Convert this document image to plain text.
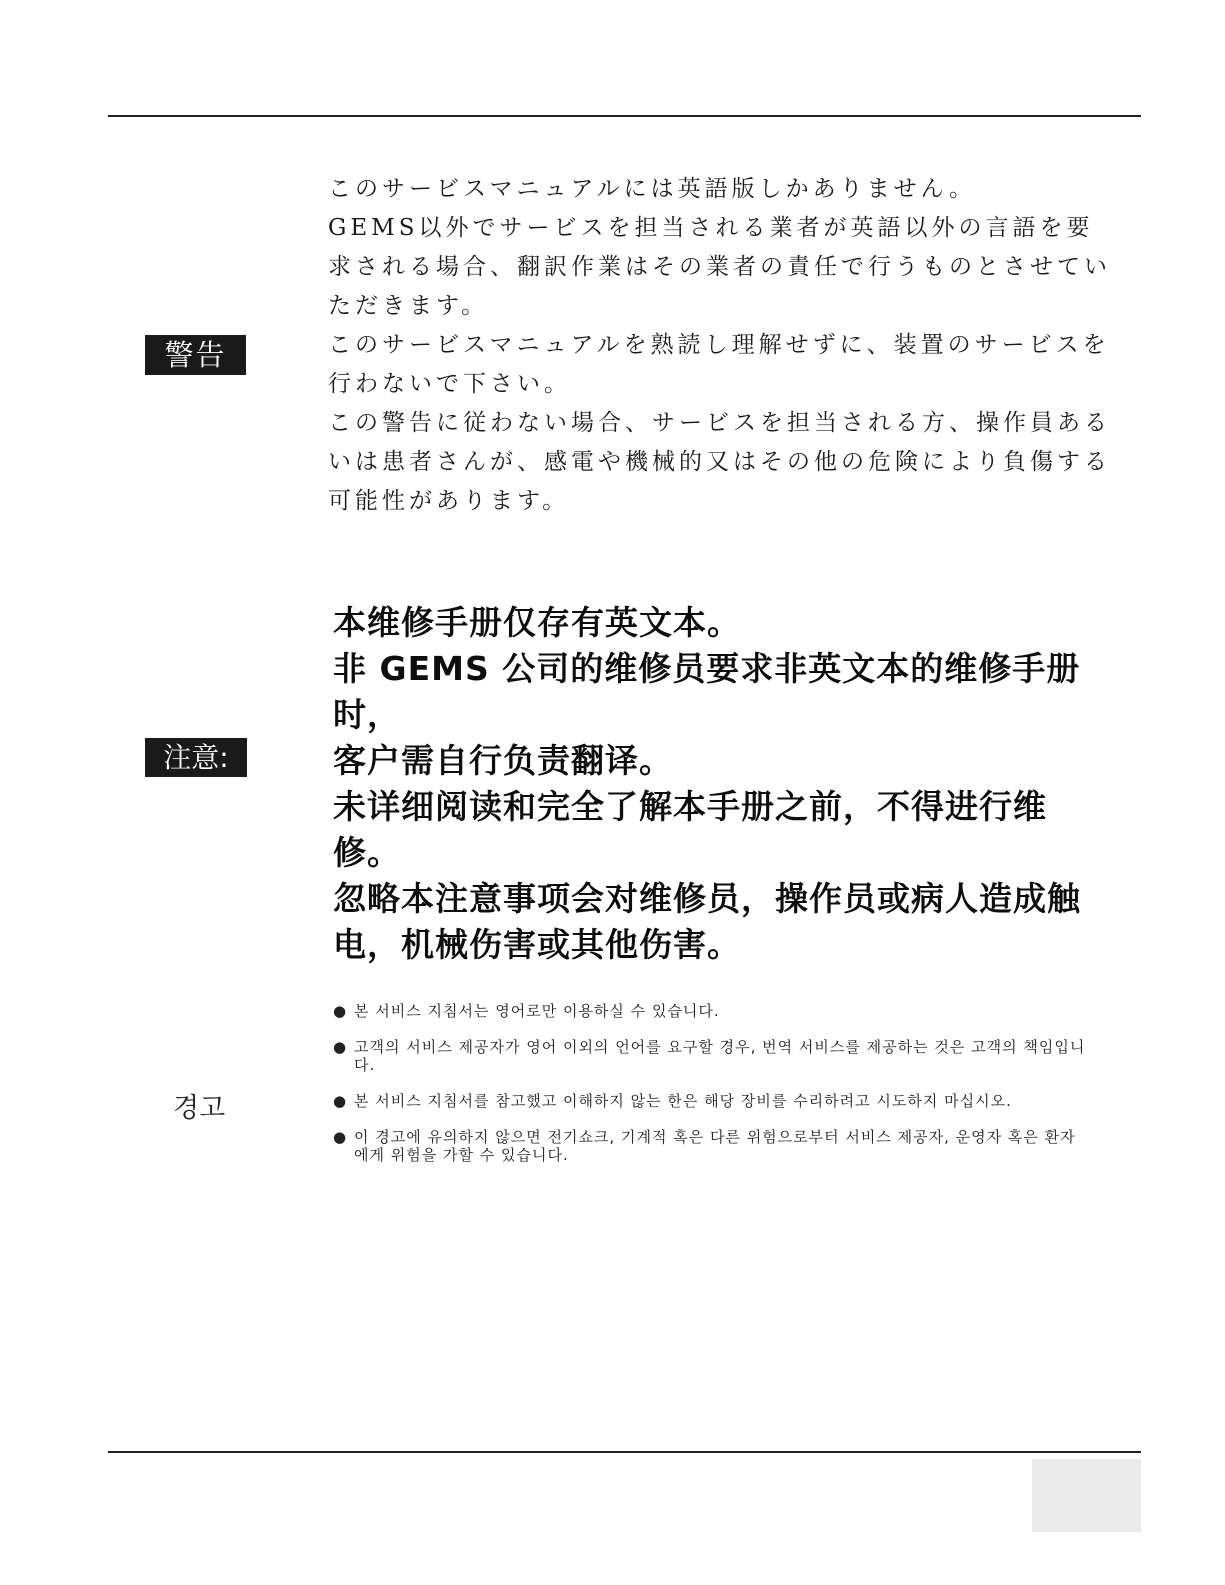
警告

このサービスマニュアルには英語版しかありません。

GEMS以外でサービスを担当される業者が英語以外の言語を要求される場合、翻訳作業はその業者の責任で行うものとさせていただきます。

このサービスマニュアルを熟読し理解せずに、装置のサービスを行わないで下さい。

この警告に従わない場合、サービスを担当される方、操作員あるいは患者さんが、感電や機械的又はその他の危険により負傷する可能性があります。

注意:

本维修手册仅存有英文本。

非 GEMS 公司的维修员要求非英文本的维修手册时，

客户需自行负责翻译。

未详细阅读和完全了解本手册之前，不得进行维修。

忽略本注意事项会对维修员，操作员或病人造成触

电，机械伤害或其他伤害。

경고
● 본 서비스 지침서는 영어로만 이용하실 수 있습니다.
● 고객의 서비스 제공자가 영어 이외의 언어를 요구할 경우, 번역 서비스를 제공하는 것은 고객의 책임입니다.
● 본 서비스 지침서를 참고했고 이해하지 않는 한은 해당 장비를 수리하려고 시도하지 마십시오.
● 이 경고에 유의하지 않으면 전기쇼크, 기계적 혹은 다른 위험으로부터 서비스 제공자, 운영자 혹은 환자에게 위험을 가할 수 있습니다.
